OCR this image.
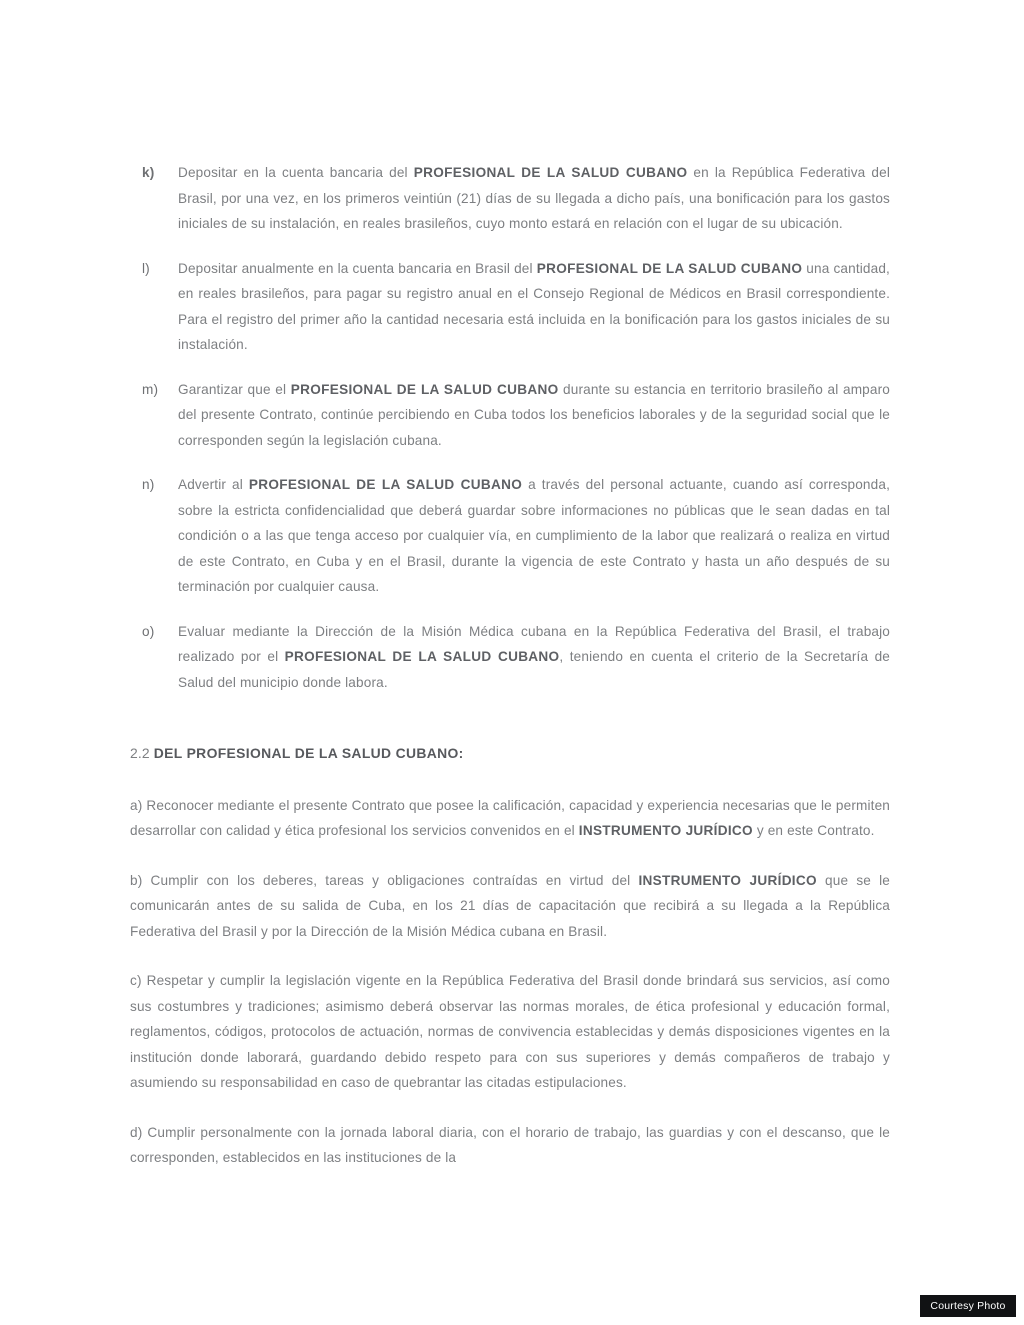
k)	Depositar en la cuenta bancaria del PROFESIONAL DE LA SALUD CUBANO en la República Federativa del Brasil, por una vez, en los primeros veintiún (21) días de su llegada a dicho país, una bonificación para los gastos iniciales de su instalación, en reales brasileños, cuyo monto estará en relación con el lugar de su ubicación.

l)	Depositar anualmente en la cuenta bancaria en Brasil del PROFESIONAL DE LA SALUD CUBANO una cantidad, en reales brasileños, para pagar su registro anual en el Consejo Regional de Médicos en Brasil correspondiente. Para el registro del primer año la cantidad necesaria está incluida en la bonificación para los gastos iniciales de su instalación.

m)	Garantizar que el PROFESIONAL DE LA SALUD CUBANO durante su estancia en territorio brasileño al amparo del presente Contrato, continúe percibiendo en Cuba todos los beneficios laborales y de la seguridad social que le corresponden según la legislación cubana.

n)	Advertir al PROFESIONAL DE LA SALUD CUBANO a través del personal actuante, cuando así corresponda, sobre la estricta confidencialidad que deberá guardar sobre informaciones no públicas que le sean dadas en tal condición o a las que tenga acceso por cualquier vía, en cumplimiento de la labor que realizará o realiza en virtud de este Contrato, en Cuba y en el Brasil, durante la vigencia de este Contrato y hasta un año después de su terminación por cualquier causa.

o)	Evaluar mediante la Dirección de la Misión Médica cubana en la República Federativa del Brasil, el trabajo realizado por el PROFESIONAL DE LA SALUD CUBANO, teniendo en cuenta el criterio de la Secretaría de Salud del municipio donde labora.

2.2 DEL PROFESIONAL DE LA SALUD CUBANO:

a) Reconocer mediante el presente Contrato que posee la calificación, capacidad y experiencia necesarias que le permiten desarrollar con calidad y ética profesional los servicios convenidos en el INSTRUMENTO JURÍDICO y en este Contrato.

b) Cumplir con los deberes, tareas y obligaciones contraídas en virtud del INSTRUMENTO JURÍDICO que se le comunicarán antes de su salida de Cuba, en los 21 días de capacitación que recibirá a su llegada a la República Federativa del Brasil y por la Dirección de la Misión Médica cubana en Brasil.

c) Respetar y cumplir la legislación vigente en la República Federativa del Brasil donde brindará sus servicios, así como sus costumbres y tradiciones; asimismo deberá observar las normas morales, de ética profesional y educación formal, reglamentos, códigos, protocolos de actuación, normas de convivencia establecidas y demás disposiciones vigentes en la institución donde laborará, guardando debido respeto para con sus superiores y demás compañeros de trabajo y asumiendo su responsabilidad en caso de quebrantar las citadas estipulaciones.

d) Cumplir personalmente con la jornada laboral diaria, con el horario de trabajo, las guardias y con el descanso, que le corresponden, establecidos en las instituciones de la

Courtesy Photo
